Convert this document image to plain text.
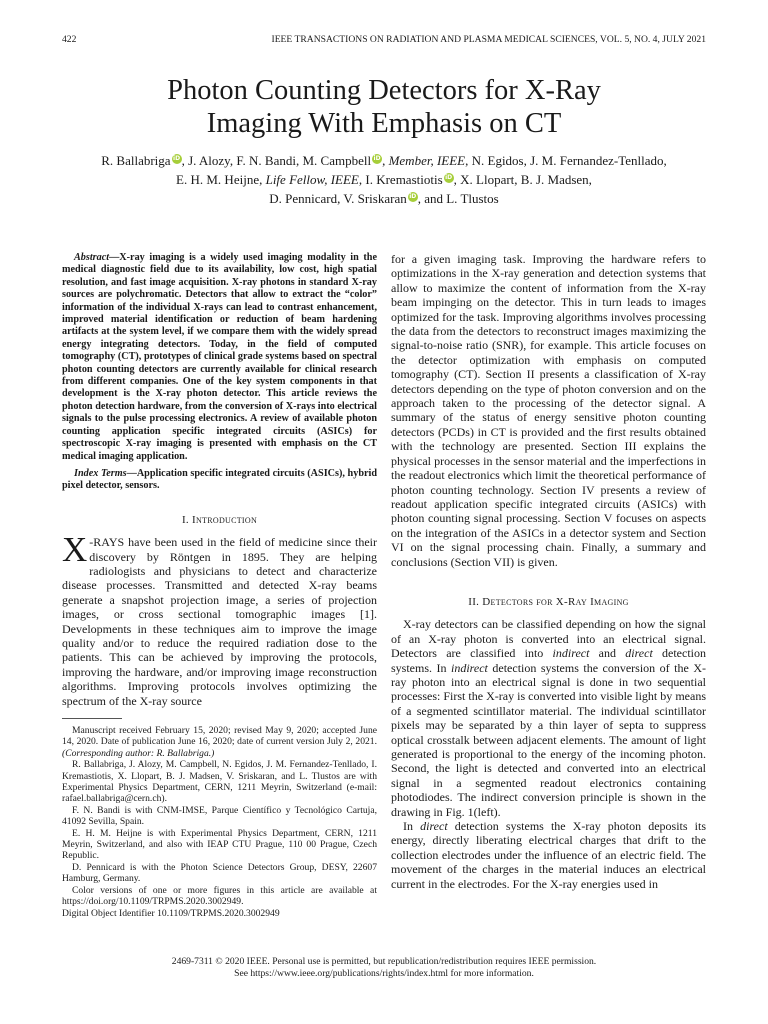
422	IEEE TRANSACTIONS ON RADIATION AND PLASMA MEDICAL SCIENCES, VOL. 5, NO. 4, JULY 2021
Photon Counting Detectors for X-Ray
Imaging With Emphasis on CT
R. Ballabriga iD, J. Alozy, F. N. Bandi, M. Campbell iD, Member, IEEE, N. Egidos, J. M. Fernandez-Tenllado,
E. H. M. Heijne, Life Fellow, IEEE, I. Kremastiotis iD, X. Llopart, B. J. Madsen,
D. Pennicard, V. Sriskaran iD, and L. Tlustos

Abstract—X-ray imaging is a widely used imaging modality in the medical diagnostic field due to its availability, low cost, high spatial resolution, and fast image acquisition. X-ray photons in standard X-ray sources are polychromatic. Detectors that allow to extract the “color” information of the individual X-rays can lead to contrast enhancement, improved material identification or reduction of beam hardening artifacts at the system level, if we compare them with the widely spread energy integrating detectors. Today, in the field of computed tomography (CT), prototypes of clinical grade systems based on spectral photon counting detectors are currently available for clinical research from different companies. One of the key system components in that development is the X-ray photon detector. This article reviews the photon detection hardware, from the conversion of X-rays into electrical signals to the pulse processing electronics. A review of available photon counting application specific integrated circuits (ASICs) for spectroscopic X-ray imaging is presented with emphasis on the CT medical imaging application.

Index Terms—Application specific integrated circuits (ASICs), hybrid pixel detector, sensors.

I. Introduction

X -RAYS have been used in the field of medicine since their discovery by Röntgen in 1895. They are helping radiologists and physicians to detect and characterize disease processes. Transmitted and detected X-ray beams generate a snapshot projection image, a series of projection images, or cross sectional tomographic images [1]. Developments in these techniques aim to improve the image quality and/or to reduce the required radiation dose to the patients. This can be achieved by improving the protocols, improving the hardware, and/or improving image reconstruction algorithms. Improving protocols involves optimizing the spectrum of the X-ray source

Manuscript received February 15, 2020; revised May 9, 2020; accepted June 14, 2020. Date of publication June 16, 2020; date of current version July 2, 2021. (Corresponding author: R. Ballabriga.)

R. Ballabriga, J. Alozy, M. Campbell, N. Egidos, J. M. Fernandez-Tenllado, I. Kremastiotis, X. Llopart, B. J. Madsen, V. Sriskaran, and L. Tlustos are with Experimental Physics Department, CERN, 1211 Meyrin, Switzerland (e-mail: rafael.ballabriga@cern.ch).

F. N. Bandi is with CNM-IMSE, Parque Científico y Tecnológico Cartuja, 41092 Sevilla, Spain.

E. H. M. Heijne is with Experimental Physics Department, CERN, 1211 Meyrin, Switzerland, and also with IEAP CTU Prague, 110 00 Prague, Czech Republic.

D. Pennicard is with the Photon Science Detectors Group, DESY, 22607 Hamburg, Germany.

Color versions of one or more figures in this article are available at https://doi.org/10.1109/TRPMS.2020.3002949.

Digital Object Identifier 10.1109/TRPMS.2020.3002949

for a given imaging task. Improving the hardware refers to optimizations in the X-ray generation and detection systems that allow to maximize the content of information from the X-ray beam impinging on the detector. This in turn leads to images optimized for the task. Improving algorithms involves processing the data from the detectors to reconstruct images maximizing the signal-to-noise ratio (SNR), for example. This article focuses on the detector optimization with emphasis on computed tomography (CT). Section II presents a classification of X-ray detectors depending on the type of photon conversion and on the approach taken to the processing of the detector signal. A summary of the status of energy sensitive photon counting detectors (PCDs) in CT is provided and the first results obtained with the technology are presented. Section III explains the physical processes in the sensor material and the imperfections in the readout electronics which limit the theoretical performance of photon counting technology. Section IV presents a review of readout application specific integrated circuits (ASICs) with photon counting signal processing. Section V focuses on aspects on the integration of the ASICs in a detector system and Section VI on the signal processing chain. Finally, a summary and conclusions (Section VII) is given.

II. Detectors for X-Ray Imaging

X-ray detectors can be classified depending on how the signal of an X-ray photon is converted into an electrical signal. Detectors are classified into indirect and direct detection systems. In indirect detection systems the conversion of the X-ray photon into an electrical signal is done in two sequential processes: First the X-ray is converted into visible light by means of a segmented scintillator material. The individual scintillator pixels may be separated by a thin layer of septa to suppress optical crosstalk between adjacent elements. The amount of light generated is proportional to the energy of the incoming photon. Second, the light is detected and converted into an electrical signal in a segmented readout electronics containing photodiodes. The indirect conversion principle is shown in the drawing in Fig. 1(left).

In direct detection systems the X-ray photon deposits its energy, directly liberating electrical charges that drift to the collection electrodes under the influence of an electric field. The movement of the charges in the material induces an electrical current in the electrodes. For the X-ray energies used in

2469-7311 © 2020 IEEE. Personal use is permitted, but republication/redistribution requires IEEE permission.
See https://www.ieee.org/publications/rights/index.html for more information.
